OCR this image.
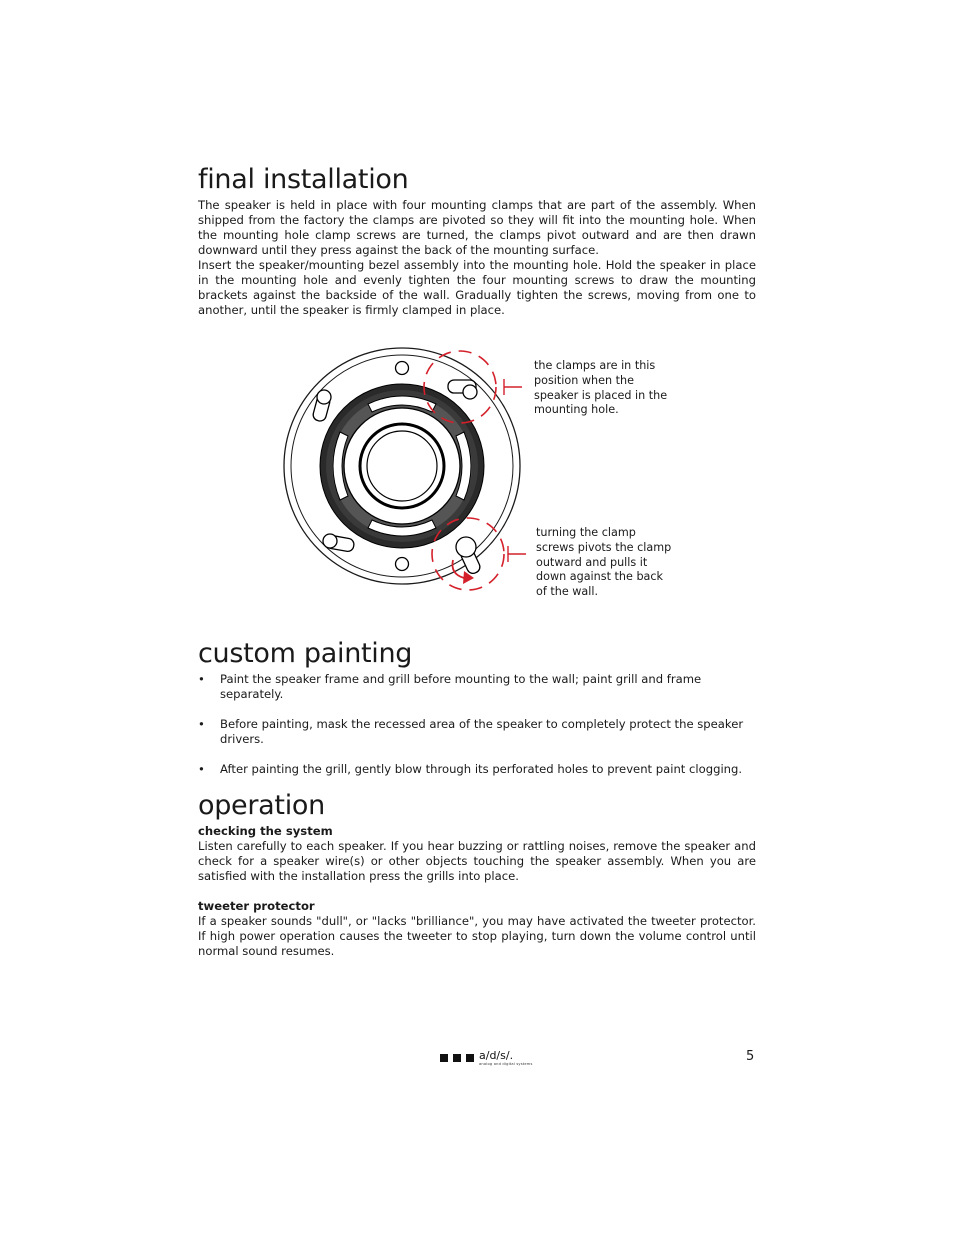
final installation

The speaker is held in place with four mounting clamps that are part of the assembly. When shipped from the factory the clamps are pivoted so they will fit into the mounting hole. When the mounting hole clamp screws are turned, the clamps pivot outward and are then drawn downward until they press against the back of the mounting surface.

Insert the speaker/mounting bezel assembly into the mounting hole. Hold the speaker in place in the mounting hole and evenly tighten the four mounting screws to draw the mounting brackets against the backside of the wall. Gradually tighten the screws, moving from one to another, until the speaker is firmly clamped in place.

the clamps are in this
position when the
speaker is placed in the
mounting hole.
turning the clamp
screws pivots the clamp
outward and pulls it
down against the back
of the wall.
custom painting
• Paint the speaker frame and grill before mounting to the wall; paint grill and frame separately.
• Before painting, mask the recessed area of the speaker to completely protect the speaker drivers.
• After painting the grill, gently blow through its perforated holes to prevent paint clogging.
operation

checking the system

Listen carefully to each speaker. If you hear buzzing or rattling noises, remove the speaker and check for a speaker wire(s) or other objects touching the speaker assembly. When you are satisfied with the installation press the grills into place.

tweeter protector

If a speaker sounds "dull", or "lacks "brilliance", you may have activated the tweeter protector. If high power operation causes the tweeter to stop playing, turn down the volume control until normal sound resumes.

a/d/s/.
analog and digital systems	5
